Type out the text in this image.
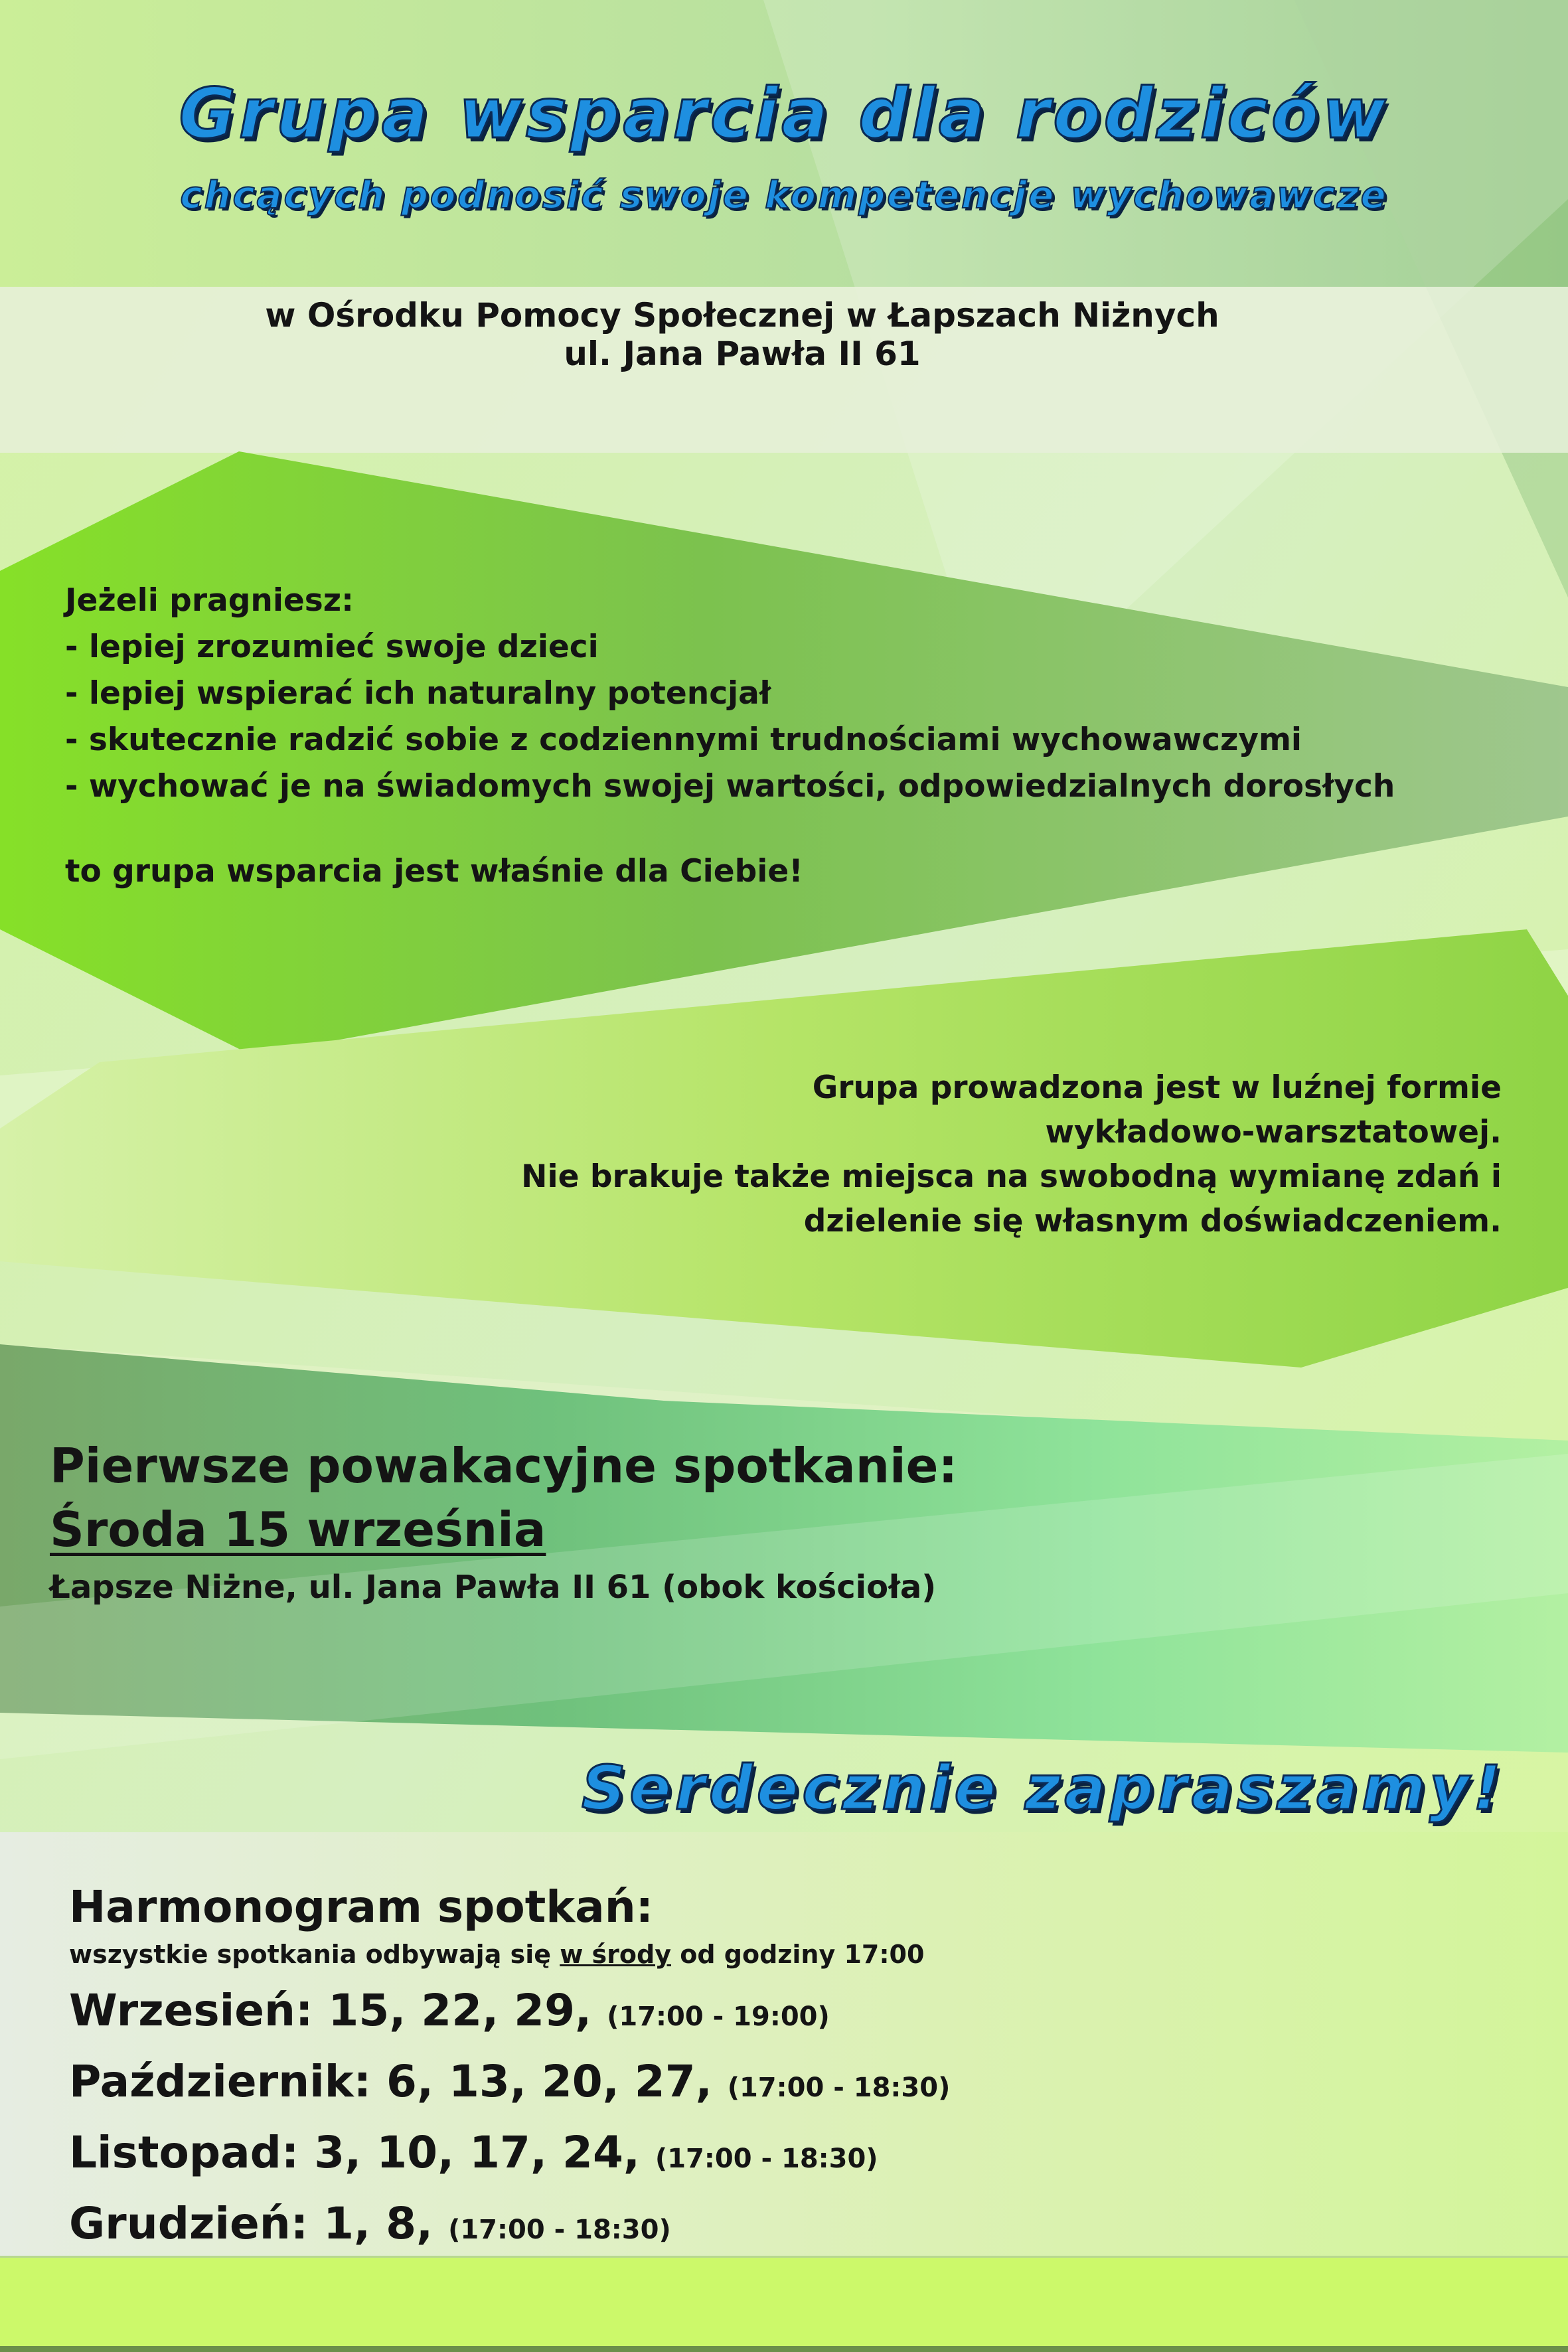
Grupa wsparcia dla rodziców
chcących podnosić swoje kompetencje wychowawcze
w Ośrodku Pomocy Społecznej w Łapszach Niżnych
ul. Jana Pawła II 61
Jeżeli pragniesz:
- lepiej zrozumieć swoje dzieci
- lepiej wspierać ich naturalny potencjał
- skutecznie radzić sobie z codziennymi trudnościami wychowawczymi
- wychować je na świadomych swojej wartości, odpowiedzialnych dorosłych
to grupa wsparcia jest właśnie dla Ciebie!
Grupa prowadzona jest w luźnej formie
wykładowo-warsztatowej.
Nie brakuje także miejsca na swobodną wymianę zdań i
dzielenie się własnym doświadczeniem.
Pierwsze powakacyjne spotkanie:
Środa 15 września
Łapsze Niżne, ul. Jana Pawła II 61 (obok kościoła)
Serdecznie zapraszamy!
Harmonogram spotkań:
wszystkie spotkania odbywają się w środy od godziny 17:00
Wrzesień: 15, 22, 29, (17:00 - 19:00)
Październik: 6, 13, 20, 27, (17:00 - 18:30)
Listopad: 3, 10, 17, 24, (17:00 - 18:30)
Grudzień: 1, 8, (17:00 - 18:30)
